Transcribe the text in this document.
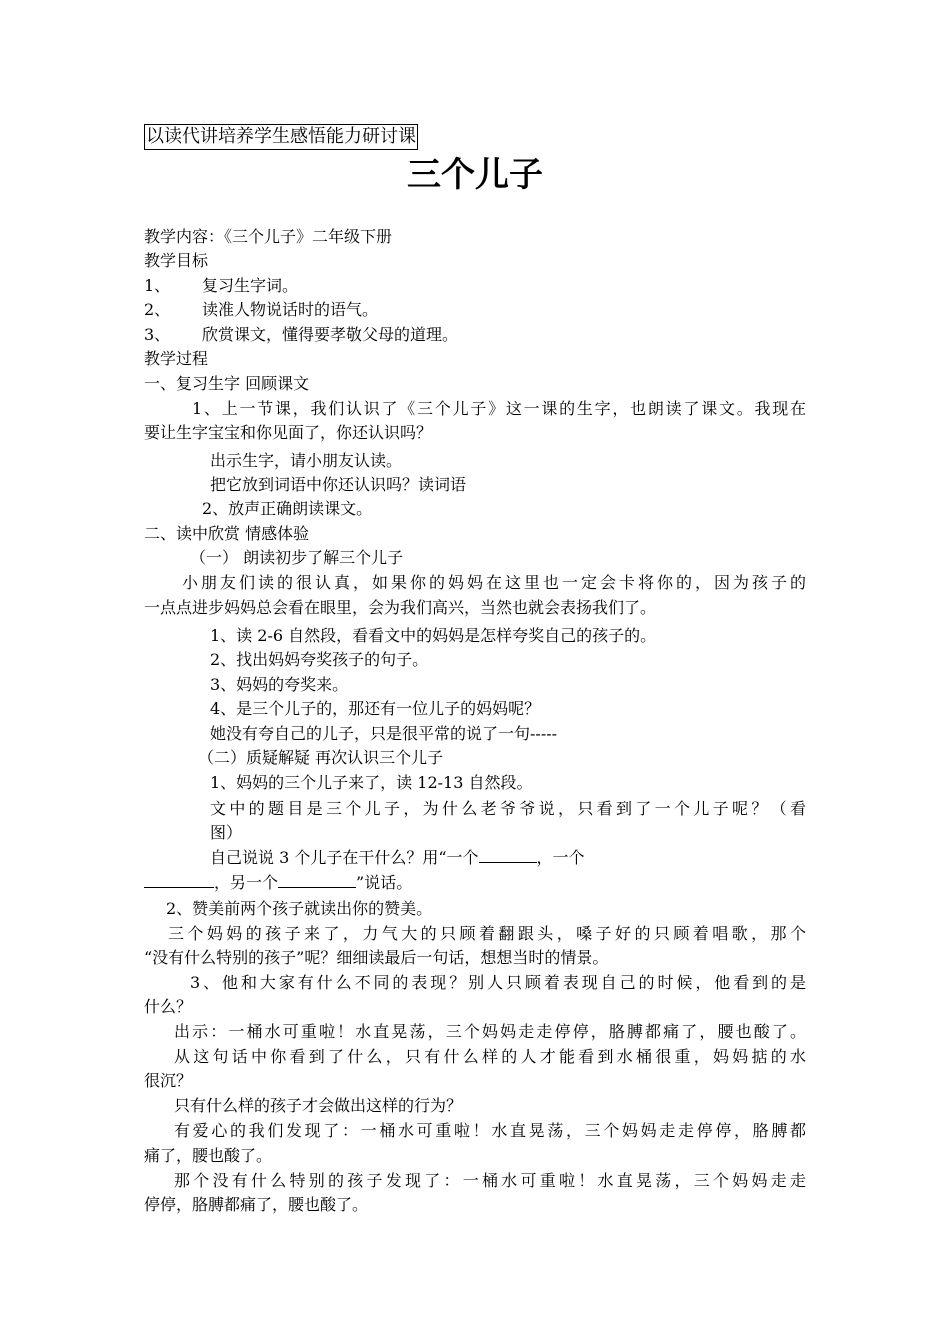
以读代讲培养学生感悟能力研讨课
三个儿子
教学内容：《三个儿子》二年级下册
教学目标
1、 复习生字词。
2、 读准人物说话时的语气。
3、 欣赏课文，懂得要孝敬父母的道理。
教学过程
一、复习生字 回顾课文
1、上一节课，我们认识了《三个儿子》这一课的生字，也朗读了课文。我现在
要让生字宝宝和你见面了，你还认识吗？
出示生字，请小朋友认读。
把它放到词语中你还认识吗？读词语
2、放声正确朗读课文。
二、读中欣赏 情感体验
（一） 朗读初步了解三个儿子
小朋友们读的很认真，如果你的妈妈在这里也一定会卡将你的，因为孩子的
一点点进步妈妈总会看在眼里，会为我们高兴，当然也就会表扬我们了。
1、读 2-6 自然段，看看文中的妈妈是怎样夸奖自己的孩子的。
2、找出妈妈夸奖孩子的句子。
3、妈妈的夸奖来。
4、是三个儿子的，那还有一位儿子的妈妈呢？
她没有夸自己的儿子，只是很平常的说了一句-----
（二）质疑解疑 再次认识三个儿子
1、妈妈的三个儿子来了，读 12-13 自然段。
文中的题目是三个儿子，为什么老爷爷说，只看到了一个儿子呢？（看
图）
自己说说 3 个儿子在干什么？用“一个	，一个
，另一个	”说话。
2、赞美前两个孩子就读出你的赞美。
三个妈妈的孩子来了，力气大的只顾着翻跟头，嗓子好的只顾着唱歌，那个
“没有什么特别的孩子”呢？细细读最后一句话，想想当时的情景。
3、他和大家有什么不同的表现？别人只顾着表现自己的时候，他看到的是
什么？
出示：一桶水可重啦！水直晃荡，三个妈妈走走停停，胳膊都痛了，腰也酸了。
从这句话中你看到了什么，只有什么样的人才能看到水桶很重，妈妈掂的水
很沉？
只有什么样的孩子才会做出这样的行为？
有爱心的我们发现了：一桶水可重啦！水直晃荡，三个妈妈走走停停，胳膊都
痛了，腰也酸了。
那个没有什么特别的孩子发现了：一桶水可重啦！水直晃荡，三个妈妈走走
停停，胳膊都痛了，腰也酸了。
